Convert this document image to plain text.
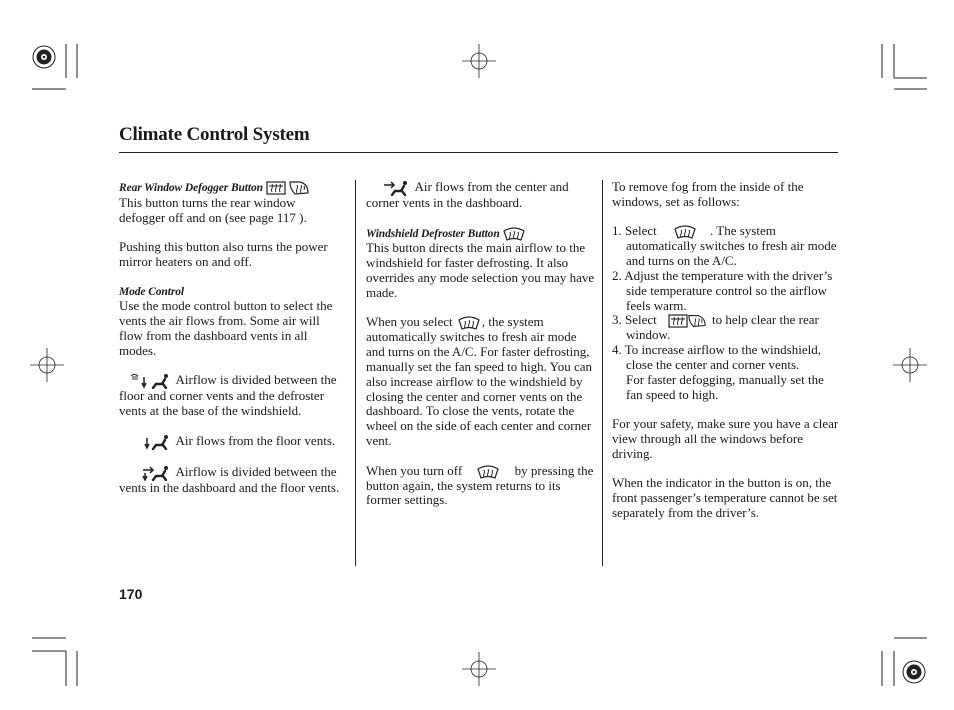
Climate Control System

Rear Window Defogger Button

This button turns the rear window defogger off and on (see page 117 ).

Pushing this button also turns the power mirror heaters on and off.

Mode Control

Use the mode control button to select the vents the air flows from. Some air will flow from the dashboard vents in all modes.

Airflow is divided between the floor and corner vents and the defroster vents at the base of the windshield.

Air flows from the floor vents.

Airflow is divided between the vents in the dashboard and the floor vents.

Air flows from the center and corner vents in the dashboard.

Windshield Defroster Button

This button directs the main airflow to the windshield for faster defrosting. It also overrides any mode selection you may have made.

When you select , the system automatically switches to fresh air mode and turns on the A/C. For faster defrosting, manually set the fan speed to high. You can also increase airflow to the windshield by closing the center and corner vents on the dashboard. To close the vents, rotate the wheel on the side of each center and corner vent.

When you turn off	by pressing the button again, the system returns to its former settings.

To remove fog from the inside of the windows, set as follows:

1. Select	. The system automatically switches to fresh air mode and turns on the A/C.
2. Adjust the temperature with the driver’s side temperature control so the airflow feels warm.
3. Select	to help clear the rear window.
4. To increase airflow to the windshield, close the center and corner vents.

For faster defogging, manually set the fan speed to high.

For your safety, make sure you have a clear view through all the windows before driving.

When the indicator in the button is on, the front passenger’s temperature cannot be set separately from the driver’s.

170
